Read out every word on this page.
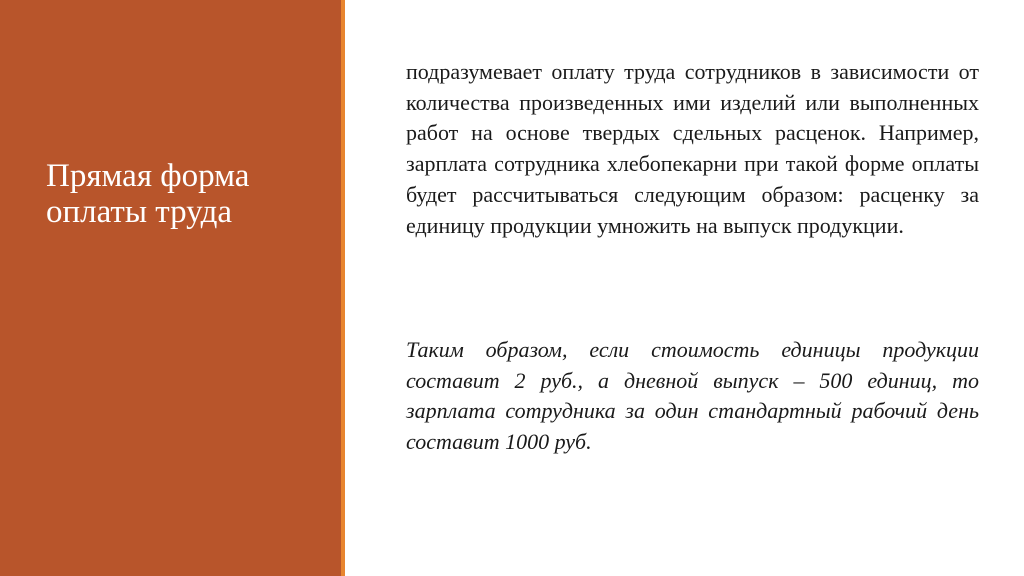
Прямая форма оплаты труда

подразумевает оплату труда сотрудников в зависимости от количества произведенных ими изделий или выполненных работ на основе твердых сдельных расценок. Например, зарплата сотрудника хлебопекарни при такой форме оплаты будет рассчитываться следующим образом: расценку за единицу продукции умножить на выпуск продукции.

Таким образом, если стоимость единицы продукции составит 2 руб., а дневной выпуск – 500 единиц, то зарплата сотрудника за один стандартный рабочий день составит 1000 руб.
